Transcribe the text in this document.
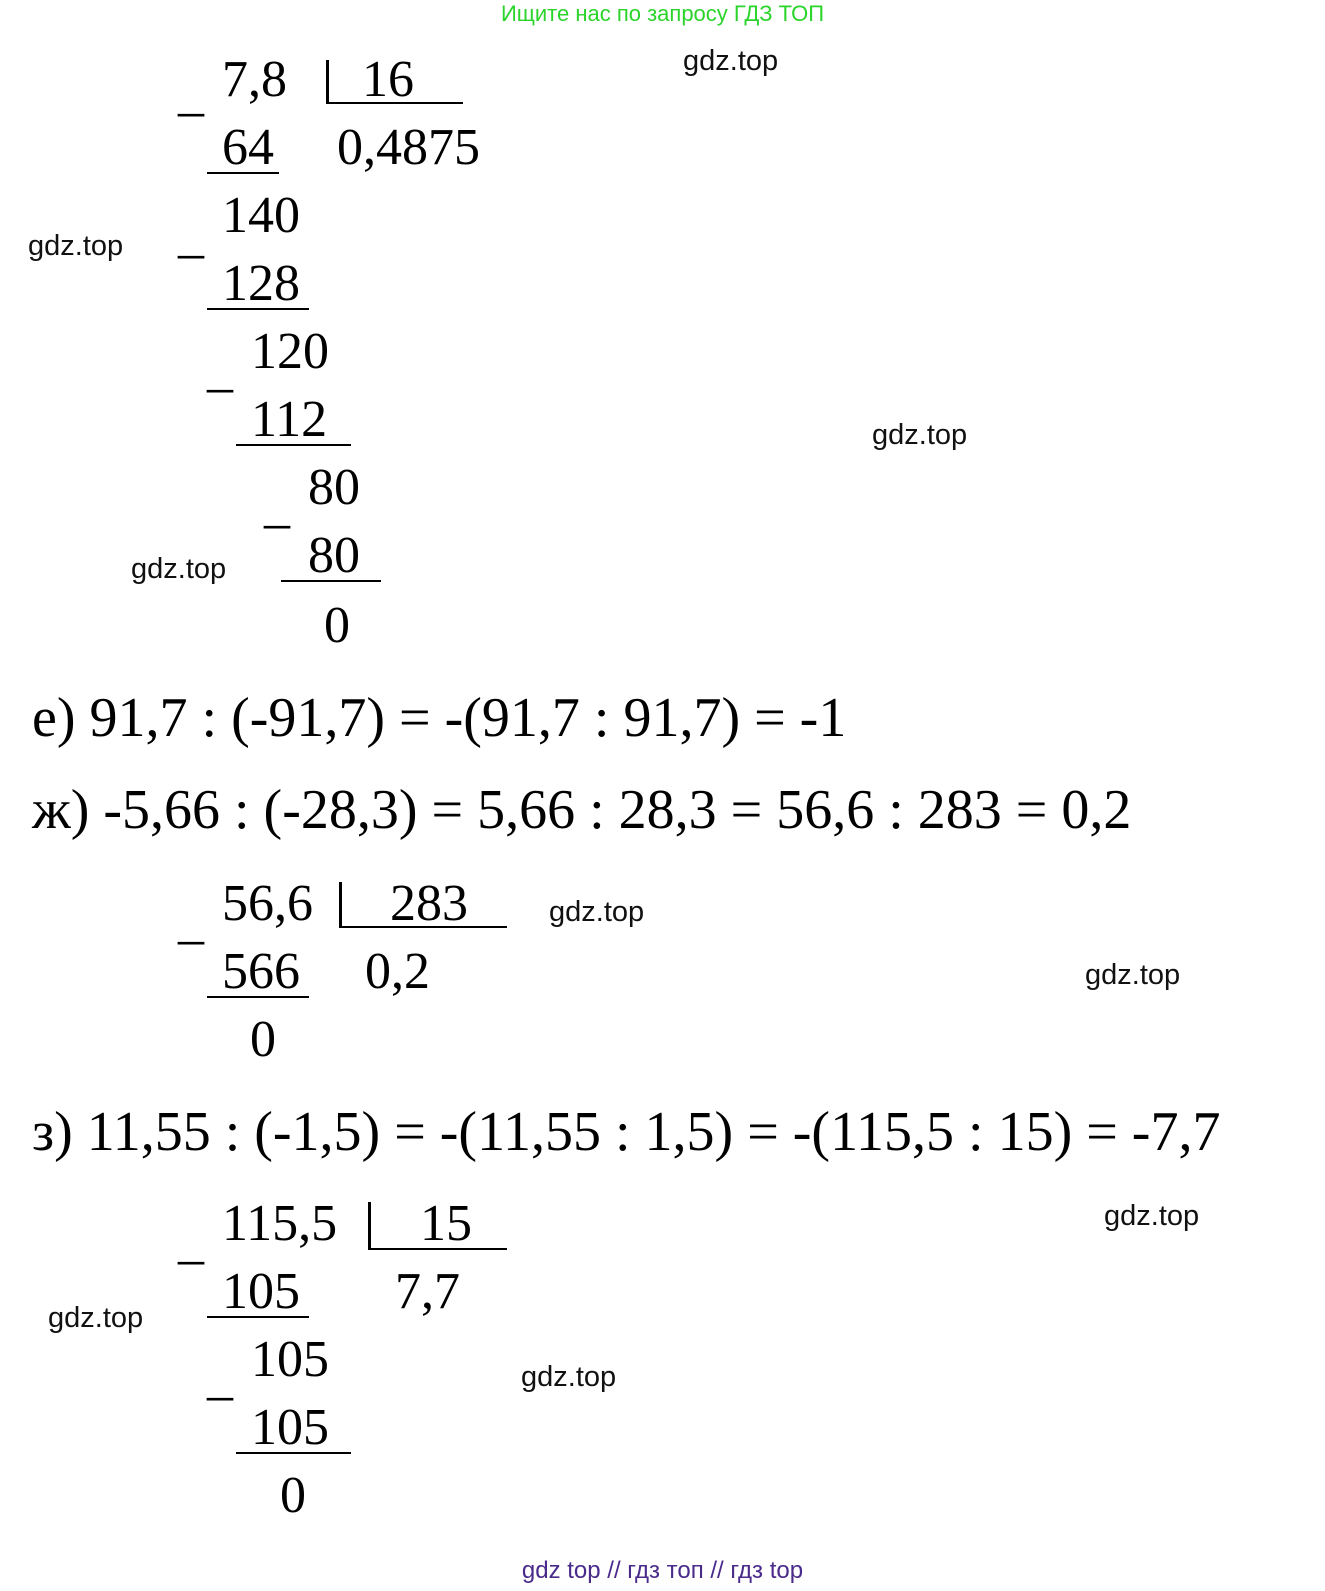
Ищите нас по запросу ГДЗ ТОП
_ 7,8 16
0,4875
64
_ 140
128
_ 120
112
_ 80
80
0
е) 91,7 : (-91,7) = -(91,7 : 91,7) = -1
ж) -5,66 : (-28,3) = 5,66 : 28,3 = 56,6 : 283 = 0,2
_ 56,6 283
0,2
566
0
з) 11,55 : (-1,5) = -(11,55 : 1,5) = -(115,5 : 15) = -7,7
_ 115,5 15
7,7
105
_ 105
105
0
gdz.top
gdz.top
gdz.top
gdz.top
gdz.top
gdz.top
gdz.top
gdz.top
gdz.top
gdz top // гдз топ // гдз top
